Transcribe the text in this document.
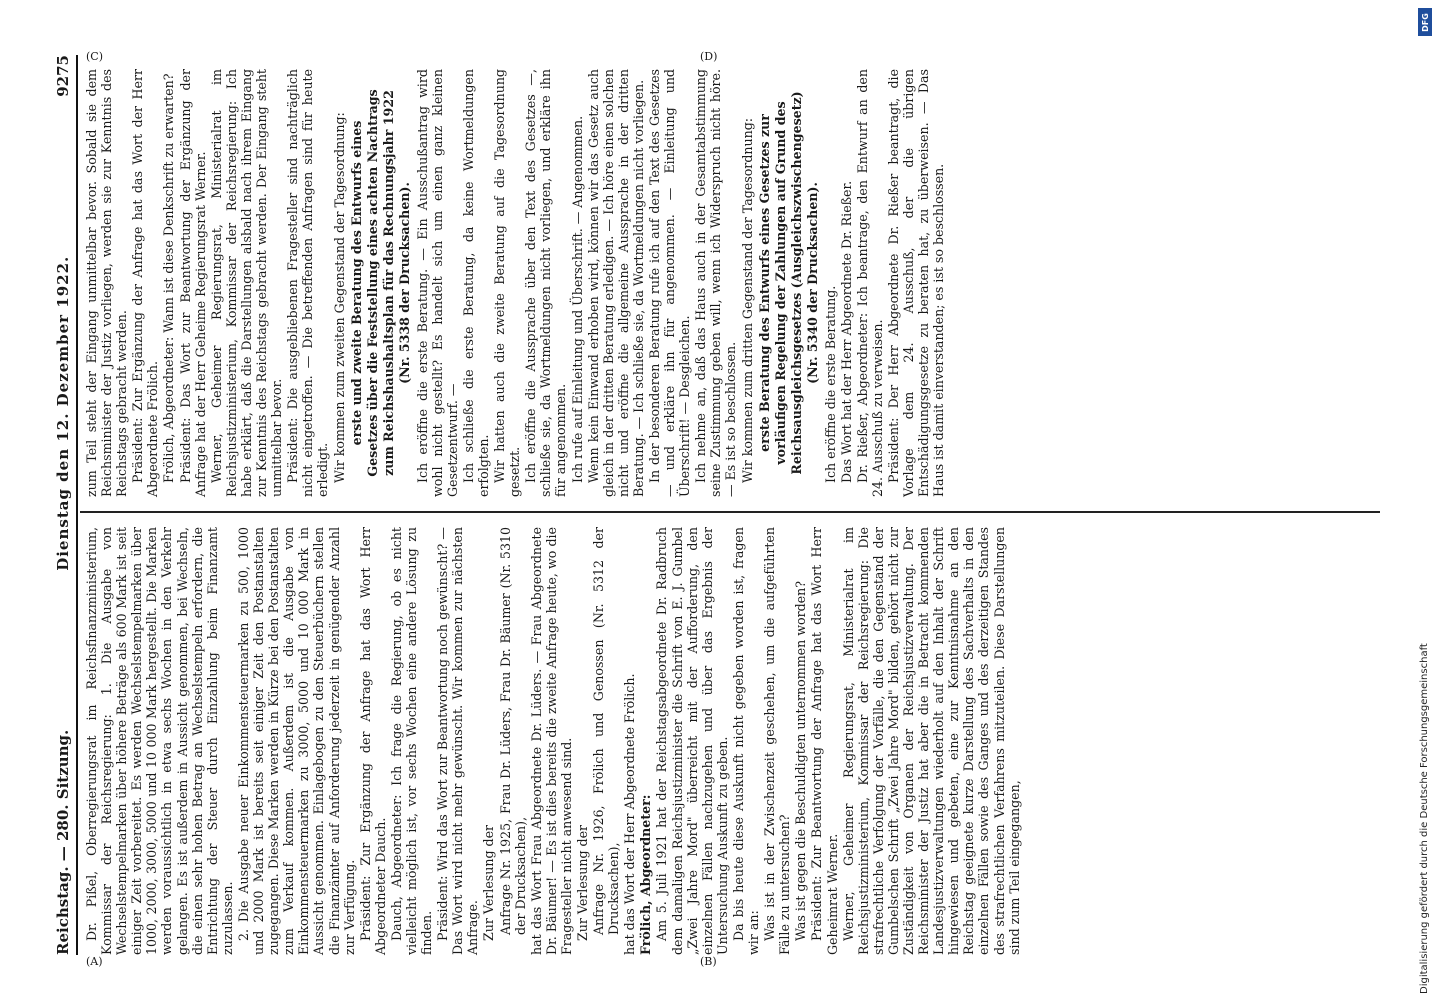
Reichstag. — 280. Sitzung.
Dienstag den 12. Dezember 1922.
9275

Dr. Pißel, Oberregierungsrat im Reichsfinanzministerium, Kommissar der Reichsregierung: 1. Die Ausgabe von Wechselstempelmarken über höhere Beträge als 600 Mark ist seit einiger Zeit vorbereitet. Es werden Wechselstempelmarken über 1000, 2000, 3000, 5000 und 10 000 Mark hergestellt. Die Marken werden voraussichtlich in etwa sechs Wochen in den Verkehr gelangen. Es ist außerdem in Aussicht genommen, bei Wechseln, die einen sehr hohen Betrag an Wechselstempeln erfordern, die Entrichtung der Steuer durch Einzahlung beim Finanzamt zuzulassen. 2. Die Ausgabe neuer Einkommensteuermarken zu 500, 1000 und 2000 Mark ist bereits seit einiger Zeit den Postanstalten zugegangen. Diese Marken werden in Kürze bei den Postanstalten zum Verkauf kommen. Außerdem ist die Ausgabe von Einkommensteuermarken zu 3000, 5000 und 10 000 Mark in Aussicht genommen. Einlagebogen zu den Steuerbüchern stellen die Finanzämter auf Anforderung jederzeit in genügender Anzahl zur Verfügung. Präsident: Zur Ergänzung der Anfrage hat das Wort Herr Abgeordneter Dauch. Dauch, Abgeordneter: Ich frage die Regierung, ob es nicht vielleicht möglich ist, vor sechs Wochen eine andere Lösung zu finden. Präsident: Wird das Wort zur Beantwortung noch gewünscht? — Das Wort wird nicht mehr gewünscht. Wir kommen zur nächsten Anfrage. Zur Verlesung der Anfrage Nr. 1925, Frau Dr. Lüders, Frau Dr. Bäumer (Nr. 5310 der Drucksachen), hat das Wort Frau Abgeordnete Dr. Lüders. — Frau Abgeordnete Dr. Bäumer! — Es ist dies bereits die zweite Anfrage heute, wo die Fragesteller nicht anwesend sind. Zur Verlesung der Anfrage Nr. 1926, Frölich und Genossen (Nr. 5312 der Drucksachen), hat das Wort der Herr Abgeordnete Frölich. Frölich, Abgeordneter: Am 5. Juli 1921 hat der Reichstagsabgeordnete Dr. Radbruch dem damaligen Reichsjustizminister die Schrift von E. J. Gumbel „Zwei Jahre Mord" überreicht mit der Aufforderung, den einzelnen Fällen nachzugehen und über das Ergebnis der Untersuchung Auskunft zu geben. Da bis heute diese Auskunft nicht gegeben worden ist, fragen wir an: Was ist in der Zwischenzeit geschehen, um die aufgeführten Fälle zu untersuchen? Was ist gegen die Beschuldigten unternommen worden? Präsident: Zur Beantwortung der Anfrage hat das Wort Herr Geheimrat Werner. Werner, Geheimer Regierungsrat, Ministerialrat im Reichsjustizministerium, Kommissar der Reichsregierung: Die strafrechtliche Verfolgung der Vorfälle, die den Gegenstand der Gumbelschen Schrift „Zwei Jahre Mord" bilden, gehört nicht zur Zuständigkeit von Organen der Reichsjustizverwaltung. Der Reichsminister der Justiz hat aber die in Betracht kommenden Landesjustizverwaltungen wiederholt auf den Inhalt der Schrift hingewiesen und gebeten, eine zur Kenntnisnahme an den Reichstag geeignete kurze Darstellung des Sachverhalts in den einzelnen Fällen sowie des Ganges und des derzeitigen Standes des strafrechtlichen Verfahrens mitzuteilen. Diese Darstellungen sind zum Teil eingegangen,

zum Teil steht der Eingang unmittelbar bevor. Sobald sie dem Reichsminister der Justiz vorliegen, werden sie zur Kenntnis des Reichstags gebracht werden. Präsident: Zur Ergänzung der Anfrage hat das Wort der Herr Abgeordnete Frölich. Frölich, Abgeordneter: Wann ist diese Denkschrift zu erwarten? Präsident: Das Wort zur Beantwortung der Ergänzung der Anfrage hat der Herr Geheime Regierungsrat Werner. Werner, Geheimer Regierungsrat, Ministerialrat im Reichsjustizministerium, Kommissar der Reichsregierung: Ich habe erklärt, daß die Darstellungen alsbald nach ihrem Eingang zur Kenntnis des Reichstags gebracht werden. Der Eingang steht unmittelbar bevor. Präsident: Die ausgebliebenen Fragesteller sind nachträglich nicht eingetroffen. — Die betreffenden Anfragen sind für heute erledigt. Wir kommen zum zweiten Gegenstand der Tagesordnung: erste und zweite Beratung des Entwurfs eines Gesetzes über die Feststellung eines achten Nachtrags zum Reichshaushaltsplan für das Rechnungsjahr 1922 (Nr. 5338 der Drucksachen). Ich eröffne die erste Beratung. — Ein Ausschußantrag wird wohl nicht gestellt? Es handelt sich um einen ganz kleinen Gesetzentwurf. — Ich schließe die erste Beratung, da keine Wortmeldungen erfolgten. Wir hatten auch die zweite Beratung auf die Tagesordnung gesetzt. Ich eröffne die Aussprache über den Text des Gesetzes —, schließe sie, da Wortmeldungen nicht vorliegen, und erkläre ihn für angenommen. Ich rufe auf Einleitung und Überschrift. — Angenommen. Wenn kein Einwand erhoben wird, können wir das Gesetz auch gleich in der dritten Beratung erledigen. — Ich höre einen solchen nicht und eröffne die allgemeine Aussprache in der dritten Beratung. — Ich schließe sie, da Wortmeldungen nicht vorliegen. In der besonderen Beratung rufe ich auf den Text des Gesetzes — und erkläre ihn für angenommen. — Einleitung und Überschrift! — Desgleichen. Ich nehme an, daß das Haus auch in der Gesamtabstimmung seine Zustimmung geben will, wenn ich Widerspruch nicht höre. — Es ist so beschlossen. Wir kommen zum dritten Gegenstand der Tagesordnung: erste Beratung des Entwurfs eines Gesetzes zur vorläufigen Regelung der Zahlungen auf Grund des Reichsausgleichsgesetzes (Ausgleichszwischengesetz) (Nr. 5340 der Drucksachen).

Ich eröffne die erste Beratung. Das Wort hat der Herr Abgeordnete Dr. Rießer. Dr. Rießer, Abgeordneter: Ich beantrage, den Entwurf an den 24. Ausschuß zu verweisen. Präsident: Der Herr Abgeordnete Dr. Rießer beantragt, die Vorlage dem 24. Ausschuß, der die übrigen Entschädigungsgesetze zu beraten hat, zu überweisen. — Das Haus ist damit einverstanden; es ist so beschlossen.

(A)	(B)
(C)	(D)
DFG
Digitalisierung gefördert durch die Deutsche Forschungsgemeinschaft
